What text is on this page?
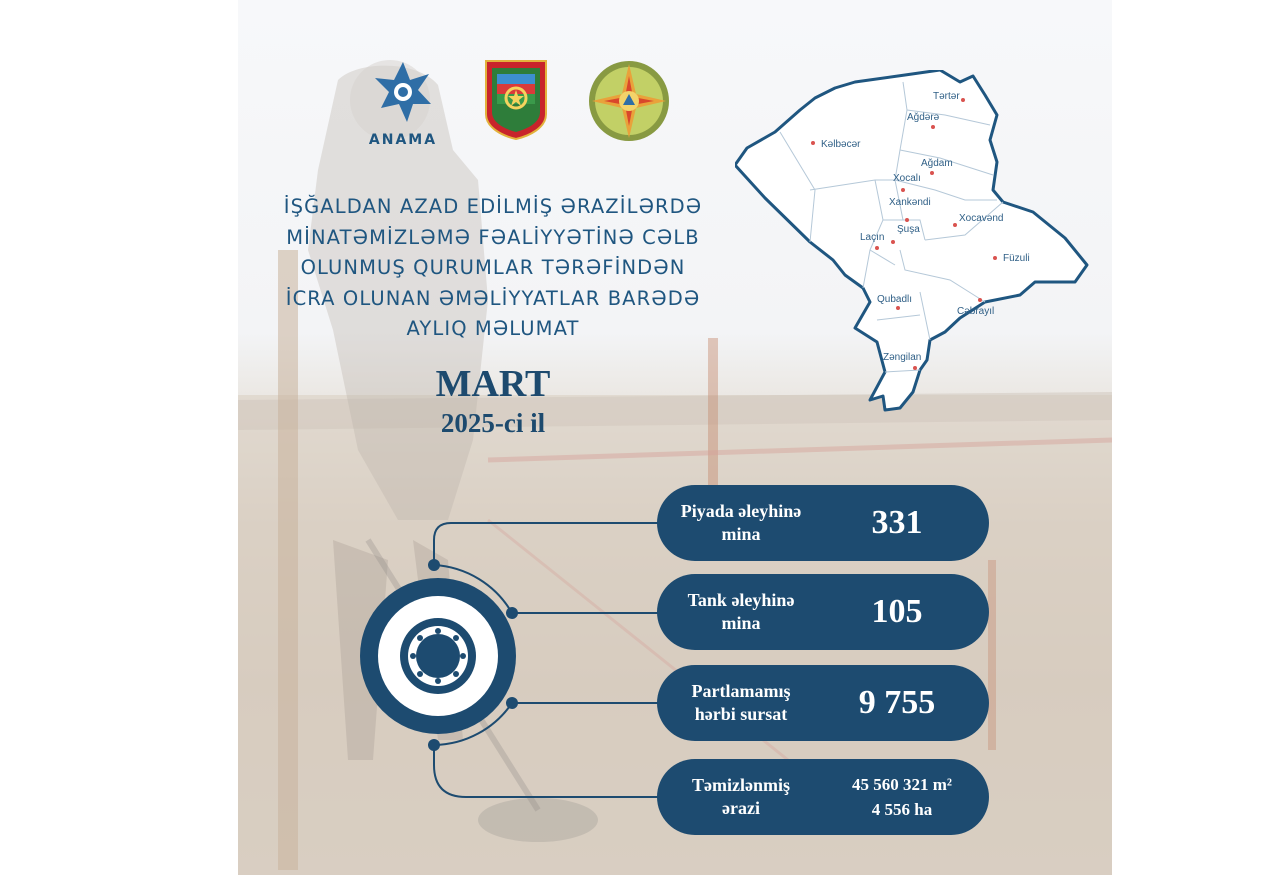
ANAMA
İŞĞALDAN AZAD EDİLMİŞ ƏRAZİLƏRDƏ
MİNATƏMİZLƏMƏ FƏALİYYƏTİNƏ CƏLB
OLUNMUŞ QURUMLAR TƏRƏFİNDƏN
İCRA OLUNAN ƏMƏLİYYATLAR BARƏDƏ
AYLIQ MƏLUMAT
MART
2025-ci il
Tərtər
Ağdərə
Kəlbəcər
Ağdam
Xocalı
Xankəndi
Xocavənd
Laçın
Şuşa
Füzuli
Qubadlı
Cəbrayıl
Zəngilan
Piyada əleyhinə
mina	331
Tank əleyhinə
mina	105
Partlamamış
hərbi sursat	9 755
Təmizlənmiş
ərazi
45 560 321 m²
4 556 ha
